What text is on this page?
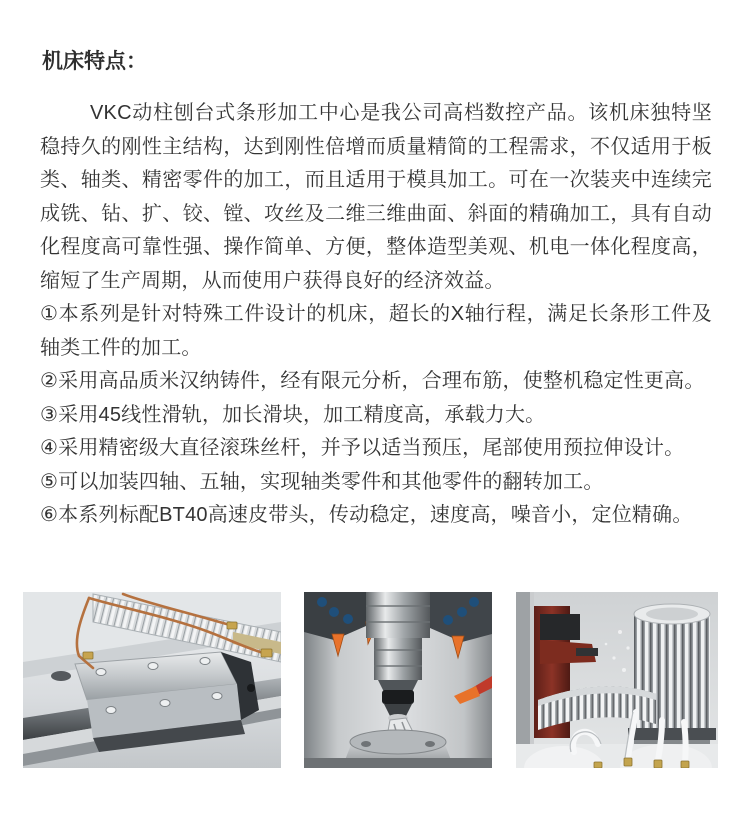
机床特点：

VKC动柱刨台式条形加工中心是我公司高档数控产品。该机床独特坚稳持久的刚性主结构，达到刚性倍增而质量精简的工程需求，不仅适用于板类、轴类、精密零件的加工，而且适用于模具加工。可在一次装夹中连续完成铣、钻、扩、铰、镗、攻丝及二维三维曲面、斜面的精确加工，具有自动化程度高可靠性强、操作简单、方便，整体造型美观、机电一体化程度高，缩短了生产周期，从而使用户获得良好的经济效益。

①本系列是针对特殊工件设计的机床，超长的X轴行程，满足长条形工件及轴类工件的加工。

②采用高品质米汉纳铸件，经有限元分析，合理布筋，使整机稳定性更高。

③采用45线性滑轨，加长滑块，加工精度高，承载力大。

④采用精密级大直径滚珠丝杆，并予以适当预压，尾部使用预拉伸设计。

⑤可以加装四轴、五轴，实现轴类零件和其他零件的翻转加工。

⑥本系列标配BT40高速皮带头，传动稳定，速度高，噪音小，定位精确。
